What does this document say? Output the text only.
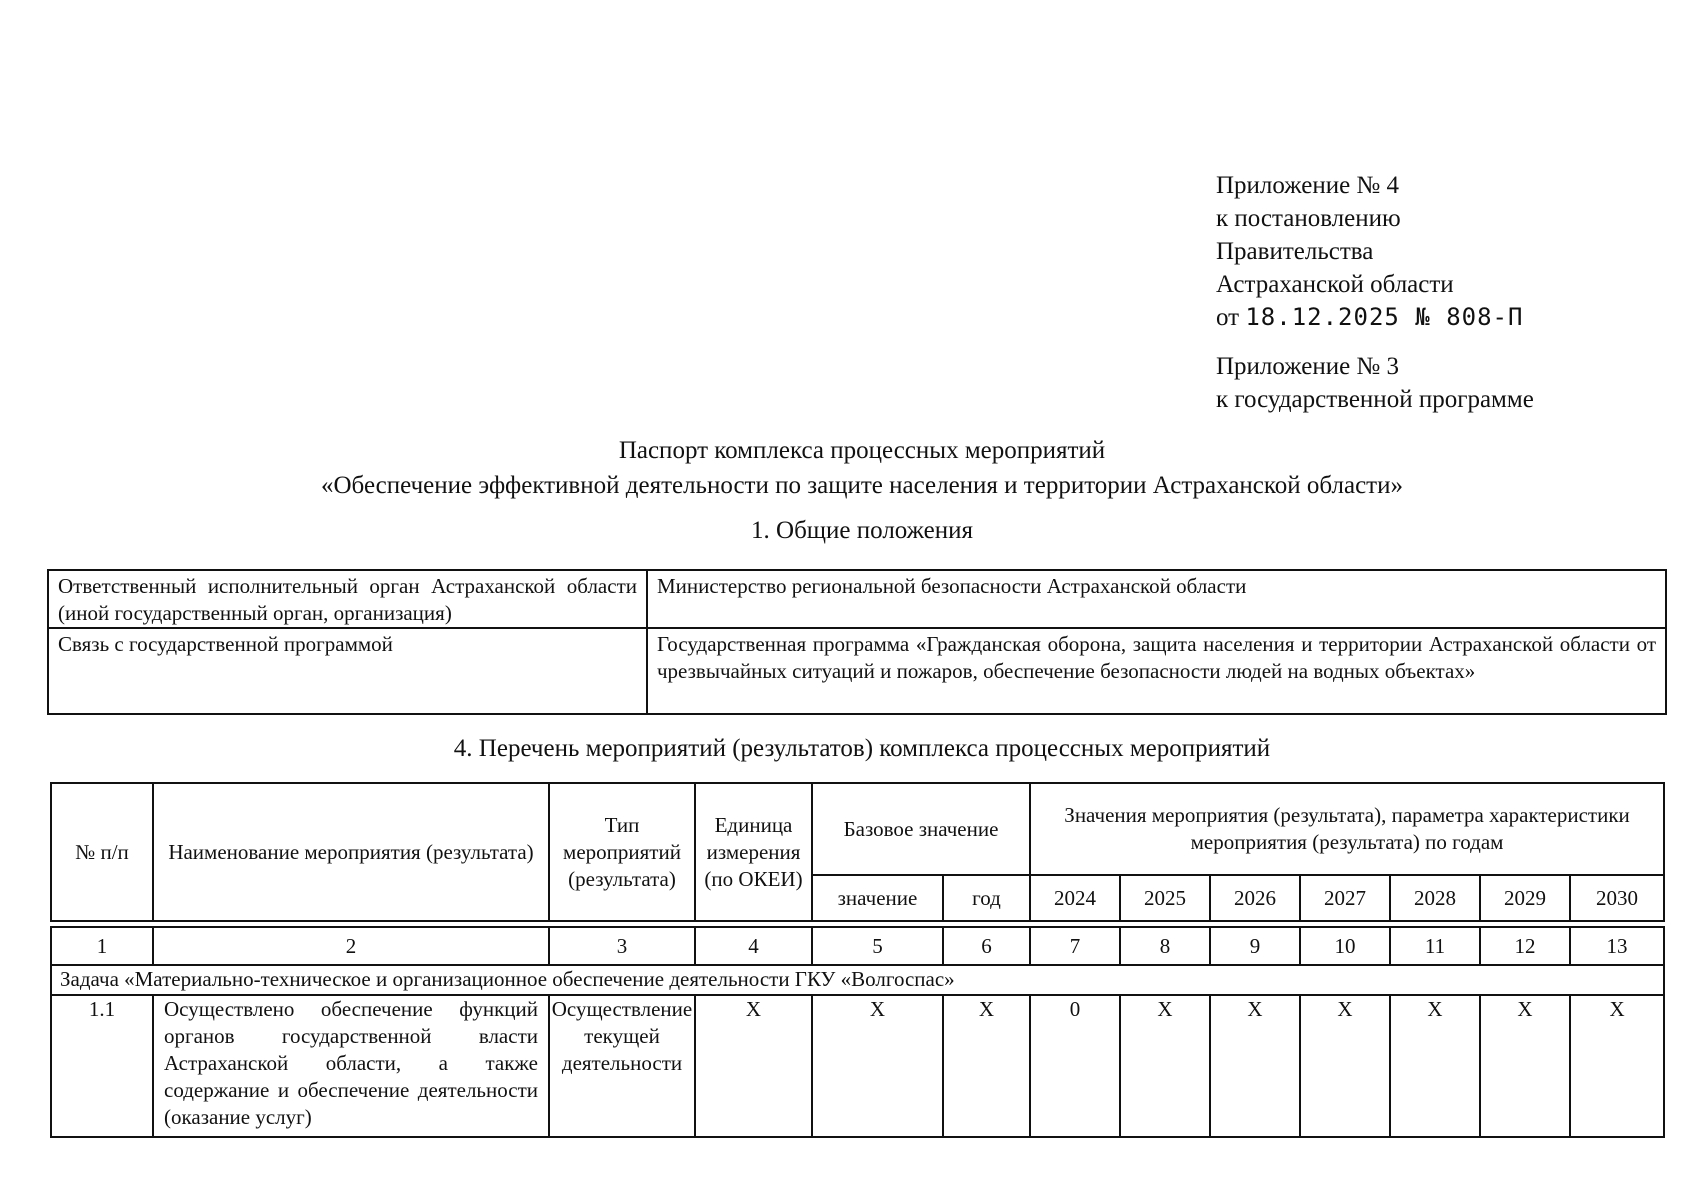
Приложение № 4
к постановлению
Правительства
Астраханской области
от 18.12.2025 № 808-П
Приложение № 3
к государственной программе
Паспорт комплекса процессных мероприятий
«Обеспечение эффективной деятельности по защите населения и территории Астраханской области»
1. Общие положения
Ответственный исполнительный орган Астраханской области (иной государственный орган, организация)	Министерство региональной безопасности Астраханской области
Связь с государственной программой	Государственная программа «Гражданская оборона, защита населения и территории Астраханской области от чрезвычайных ситуаций и пожаров, обеспечение безопасности людей на водных объектах»
4. Перечень мероприятий (результатов) комплекса процессных мероприятий
№ п/п	Наименование мероприятия (результата)	Тип мероприятий (результата)	Единица измерения (по ОКЕИ)	Базовое значение		Значения мероприятия (результата), параметра характеристики мероприятия (результата) по годам						
				значение	год	2024	2025	2026	2027	2028	2029	2030

1	2	3	4	5	6	7	8	9	10	11	12	13
Задача «Материально-техническое и организационное обеспечение деятельности ГКУ «Волгоспас»												
1.1	Осуществлено обеспечение функций органов государственной власти Астраханской области, а также содержание и обеспечение деятельности (оказание услуг)	Осуществление текущей деятельности	X	X	X	0	X	X	X	X	X	X
